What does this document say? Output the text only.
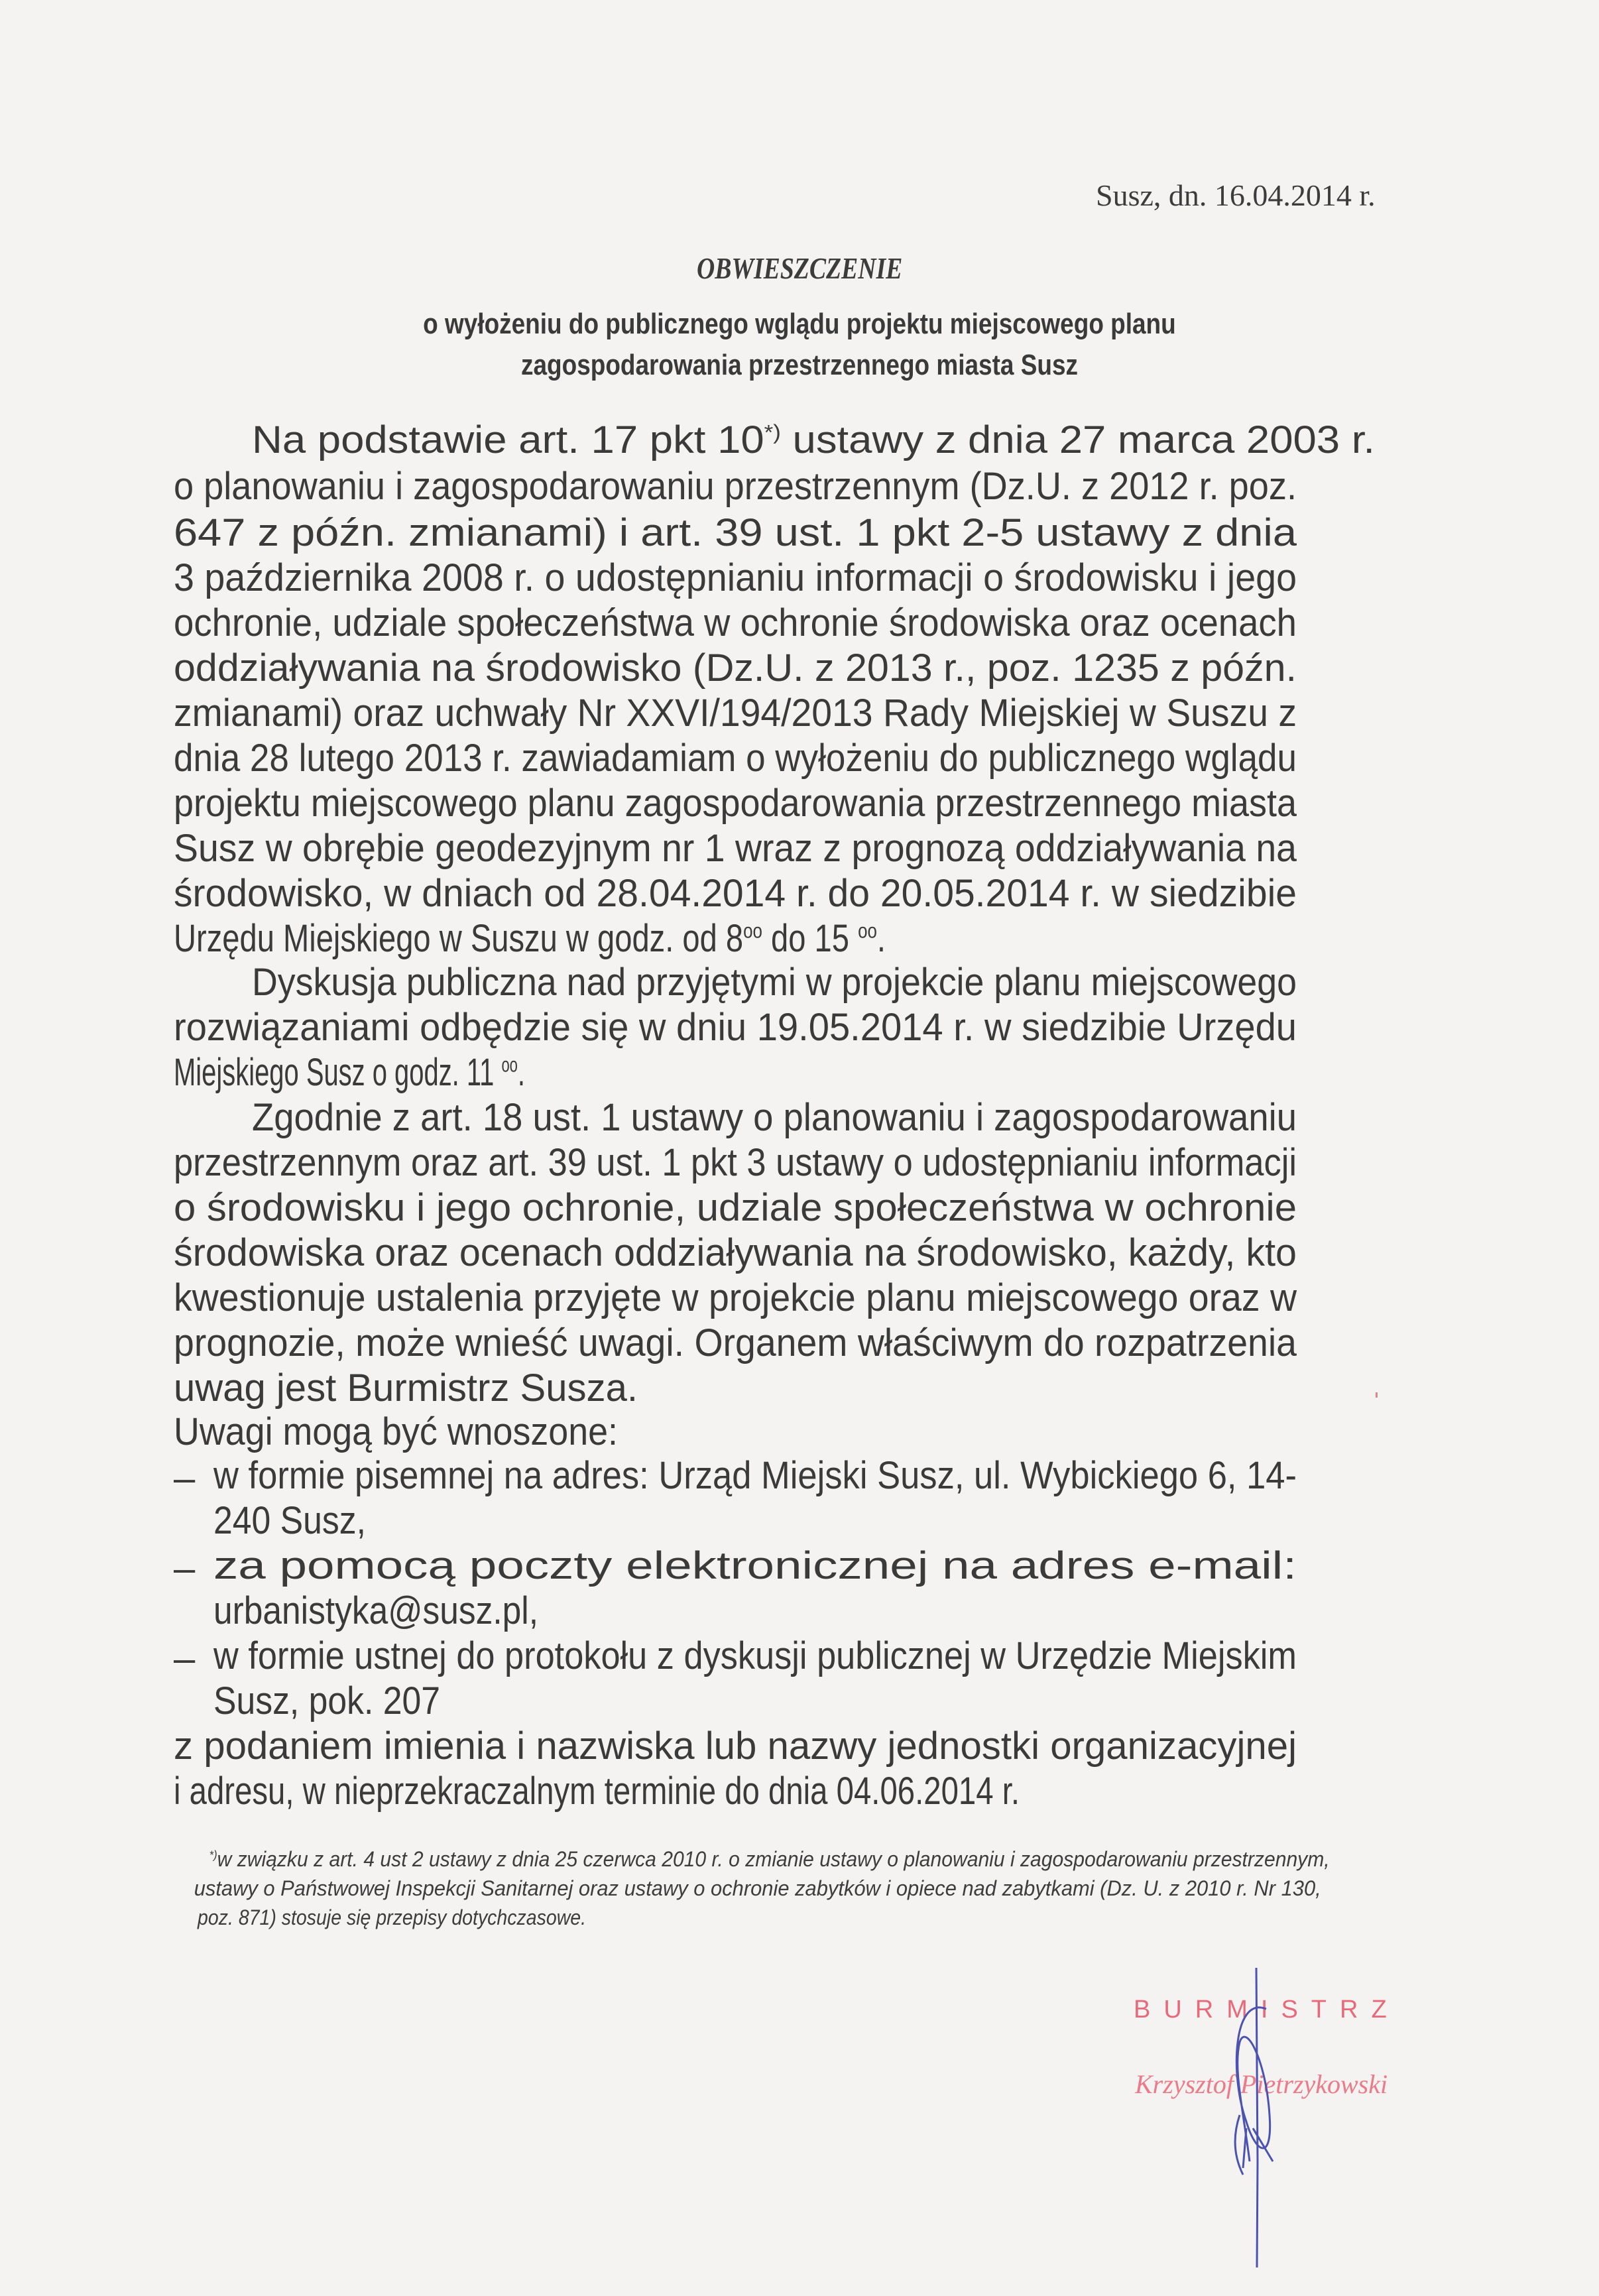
Susz, dn. 16.04.2014 r.
OBWIESZCZENIE
o wyłożeniu do publicznego wglądu projektu miejscowego planu
zagospodarowania przestrzennego miasta Susz
Na podstawie art. 17 pkt 10*) ustawy z dnia 27 marca 2003 r.
o planowaniu i zagospodarowaniu przestrzennym (Dz.U. z 2012 r. poz.
647 z późn. zmianami) i art. 39 ust. 1 pkt 2-5 ustawy z dnia
3 października 2008 r. o udostępnianiu informacji o środowisku i jego
ochronie, udziale społeczeństwa w ochronie środowiska oraz ocenach
oddziaływania na środowisko (Dz.U. z 2013 r., poz. 1235 z późn.
zmianami) oraz uchwały Nr XXVI/194/2013 Rady Miejskiej w Suszu z
dnia 28 lutego 2013 r. zawiadamiam o wyłożeniu do publicznego wglądu
projektu miejscowego planu zagospodarowania przestrzennego miasta
Susz w obrębie geodezyjnym nr 1 wraz z prognozą oddziaływania na
środowisko, w dniach od 28.04.2014 r. do 20.05.2014 r. w siedzibie
Urzędu Miejskiego w Suszu w godz. od $8^{oo}$ do 15 $^{oo}$.
Dyskusja publiczna nad przyjętymi w projekcie planu miejscowego
rozwiązaniami odbędzie się w dniu 19.05.2014 r. w siedzibie Urzędu
Miejskiego Susz o godz. 11 $^{oo}$.
Zgodnie z art. 18 ust. 1 ustawy o planowaniu i zagospodarowaniu
przestrzennym oraz art. 39 ust. 1 pkt 3 ustawy o udostępnianiu informacji
o środowisku i jego ochronie, udziale społeczeństwa w ochronie
środowiska oraz ocenach oddziaływania na środowisko, każdy, kto
kwestionuje ustalenia przyjęte w projekcie planu miejscowego oraz w
prognozie, może wnieść uwagi. Organem właściwym do rozpatrzenia
uwag jest Burmistrz Susza.
Uwagi mogą być wnoszone:
– w formie pisemnej na adres: Urząd Miejski Susz, ul. Wybickiego 6, 14-
240 Susz,
– za pomocą poczty elektronicznej na adres e-mail:
urbanistyka@susz.pl,
– w formie ustnej do protokołu z dyskusji publicznej w Urzędzie Miejskim
Susz, pok. 207
z podaniem imienia i nazwiska lub nazwy jednostki organizacyjnej
i adresu, w nieprzekraczalnym terminie do dnia 04.06.2014 r.
*)w związku z art. 4 ust 2 ustawy z dnia 25 czerwca 2010 r. o zmianie ustawy o planowaniu i zagospodarowaniu przestrzennym,
ustawy o Państwowej Inspekcji Sanitarnej oraz ustawy o ochronie zabytków i opiece nad zabytkami (Dz. U. z 2010 r. Nr 130,
poz. 871) stosuje się przepisy dotychczasowe.
BURMISTRZ
Krzysztof Pietrzykowski
